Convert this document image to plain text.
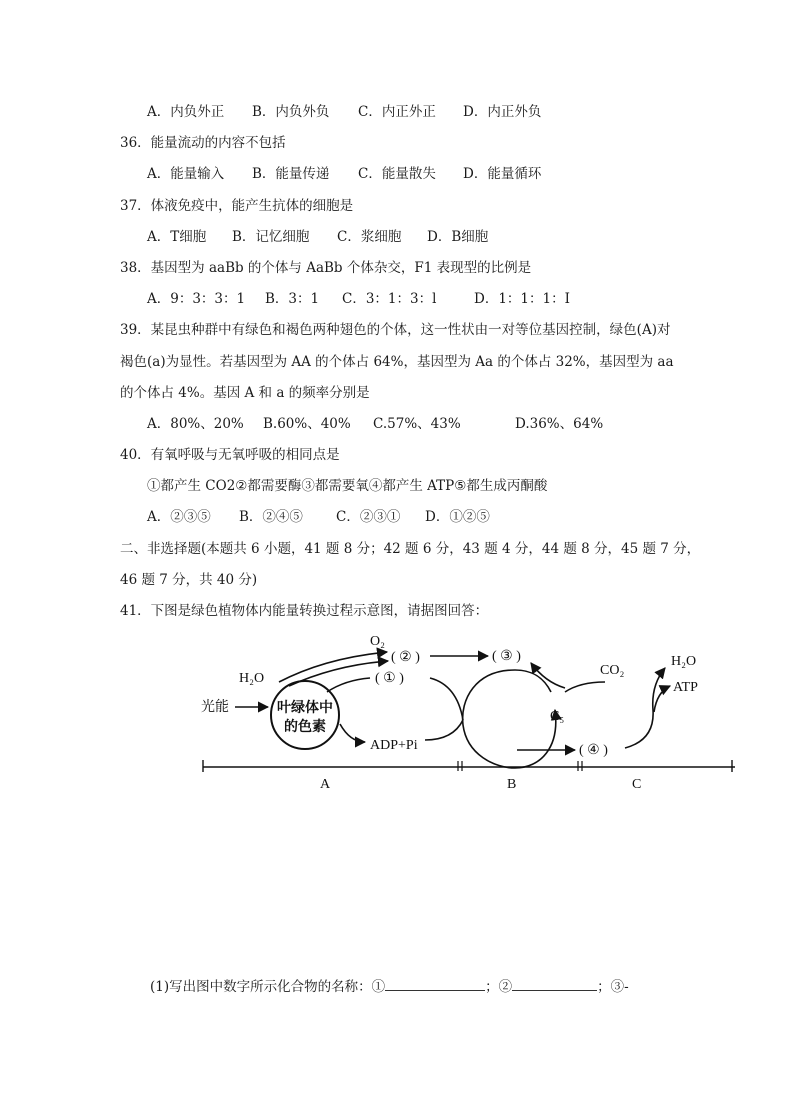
A．内负外正 B．内负外负 C．内正外正 D．内正外负
36．能量流动的内容不包括
A．能量输入 B．能量传递 C．能量散失 D．能量循环
37．体液免疫中，能产生抗体的细胞是
A．T细胞 B．记忆细胞 C．浆细胞 D．B细胞
38．基因型为 aaBb 的个体与 AaBb 个体杂交，F1 表现型的比例是
A．9：3：3：1 B．3：1 C．3：1：3：l	D．1：1：1：I
39．某昆虫种群中有绿色和褐色两种翅色的个体，这一性状由一对等位基因控制，绿色(A)对
褐色(a)为显性。若基因型为 AA 的个体占 64%，基因型为 Aa 的个体占 32%，基因型为 aa
的个体占 4%。基因 A 和 a 的频率分别是
A．80%、20% B.60%、40% C.57%、43%	D.36%、64%
40．有氧呼吸与无氧呼吸的相同点是
①都产生 CO2②都需要酶③都需要氧④都产生 ATP⑤都生成丙酮酸
A．②③⑤ B．②④⑤ C．②③① D．①②⑤
二、非选择题(本题共 6 小题，41 题 8 分；42 题 6 分，43 题 4 分，44 题 8 分，45 题 7 分，
46 题 7 分，共 40 分)
41．下图是绿色植物体内能量转换过程示意图，请据图回答：
叶绿体中
的色素
光能
H₂O
O₂
( ② )
( ① )
( ③ )
ADP+Pi
C₅
CO₂
( ④ )
H₂O
ATP
A	B	C
(1)写出图中数字所示化合物的名称：①	；②	；③-
